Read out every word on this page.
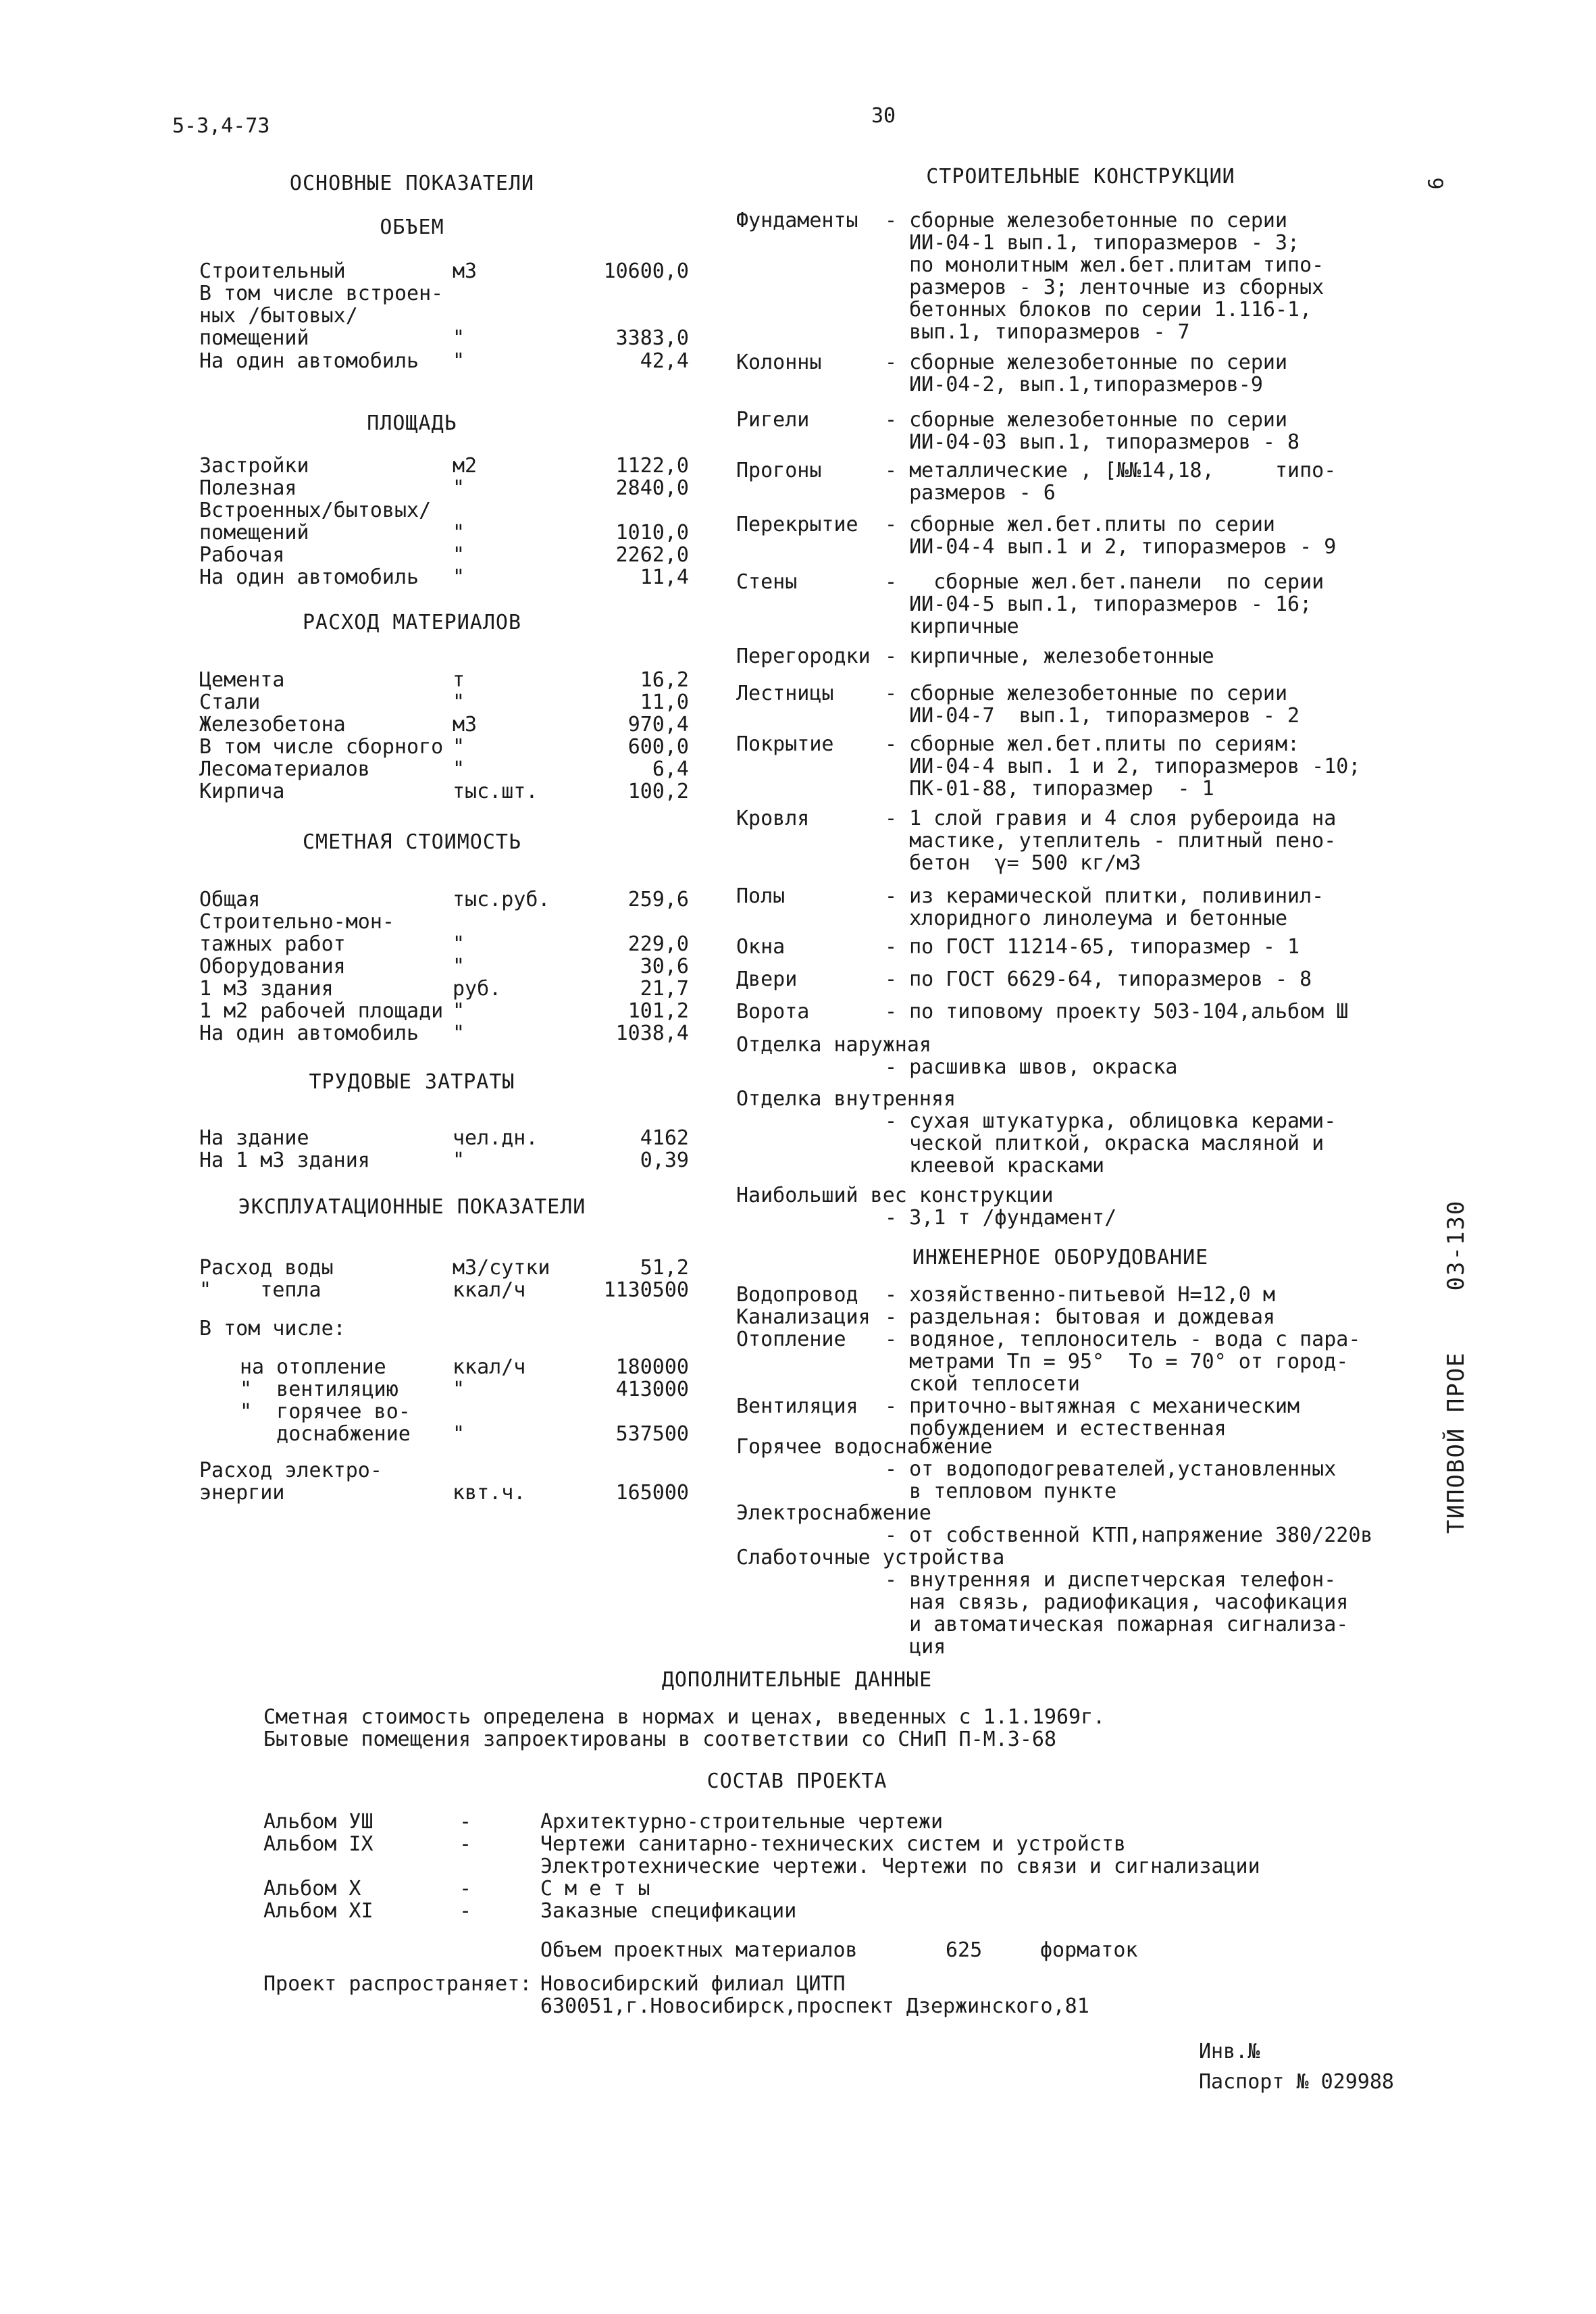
5-3,4-73	30
9
ОСНОВНЫЕ ПОКАЗАТЕЛИ
ОБЪЕМ
Строительный	м3	10600,0
В том числе встроен-
ных /бытовых/
помещений	"	3383,0
На один автомобиль "	42,4
ПЛОЩАДЬ
Застройки	м2	1122,0
Полезная	"	2840,0
Встроенных/бытовых/
помещений	"	1010,0
Рабочая	"	2262,0
На один автомобиль "	11,4
РАСХОД МАТЕРИАЛОВ
Цемента	т	16,2
Стали	"	11,0
Железобетона	м3	970,4
В том числе сборного "	600,0
Лесоматериалов	"	6,4
Кирпича	тыс.шт.	100,2
СМЕТНАЯ СТОИМОСТЬ
Общая	тыс.руб.	259,6
Строительно-мон-
тажных работ	"	229,0
Оборудования	"	30,6
1 м3 здания	руб.	21,7
1 м2 рабочей площади "	101,2
На один автомобиль "	1038,4
ТРУДОВЫЕ ЗАТРАТЫ
На здание	чел.дн.	4162
На 1 м3 здания	"	0,39
ЭКСПЛУАТАЦИОННЫЕ ПОКАЗАТЕЛИ
Расход воды	м3/сутки	51,2
"    тепла	ккал/ч	1130500
В том числе:
на отопление	ккал/ч	180000
"  вентиляцию	"	413000
"  горячее во-
доснабжение "	537500
Расход электро-
энергии	квт.ч.	165000
СТРОИТЕЛЬНЫЕ КОНСТРУКЦИИ
Фундаменты - сборные железобетонные по серии
ИИ-04-1 вып.1, типоразмеров - 3;
по монолитным жел.бет.плитам типо-
размеров - 3; ленточные из сборных
бетонных блоков по серии 1.116-1,
вып.1, типоразмеров - 7
Колонны	- сборные железобетонные по серии
ИИ-04-2, вып.1,типоразмеров-9
Ригели	- сборные железобетонные по серии
ИИ-04-03 вып.1, типоразмеров - 8
Прогоны	- металлические , [№№14,18,     типо-
размеров - 6
Перекрытие - сборные жел.бет.плиты по серии
ИИ-04-4 вып.1 и 2, типоразмеров - 9
Стены	-   сборные жел.бет.панели  по серии
ИИ-04-5 вып.1, типоразмеров - 16;
кирпичные
Перегородки - кирпичные, железобетонные
Лестницы	- сборные железобетонные по серии
ИИ-04-7  вып.1, типоразмеров - 2
Покрытие	- сборные жел.бет.плиты по сериям:
ИИ-04-4 вып. 1 и 2, типоразмеров -10;
ПК-01-88, типоразмер  - 1
Кровля	- 1 слой гравия и 4 слоя рубероида на
мастике, утеплитель - плитный пено-
бетон  γ= 500 кг/м3
Полы	- из керамической плитки, поливинил-
хлоридного линолеума и бетонные
Окна	- по ГОСТ 11214-65, типоразмер - 1
Двери	- по ГОСТ 6629-64, типоразмеров - 8
Ворота	- по типовому проекту 503-104,альбом Ш
Отделка наружная
- расшивка швов, окраска
Отделка внутренняя
- сухая штукатурка, облицовка керами-
ческой плиткой, окраска масляной и
клеевой красками
Наибольший вес конструкции
- 3,1 т /фундамент/
ИНЖЕНЕРНОЕ ОБОРУДОВАНИЕ
Водопровод - хозяйственно-питьевой Н=12,0 м
Канализация - раздельная: бытовая и дождевая
Отопление - водяное, теплоноситель - вода с пара-
метрами Тп = 95°  То = 70° от город-
ской теплосети
Вентиляция - приточно-вытяжная с механическим
побуждением и естественная
Горячее водоснабжение
- от водоподогревателей,установленных
в тепловом пункте
Электроснабжение
- от собственной КТП,напряжение 380/220в
Слаботочные устройства
- внутренняя и диспетчерская телефон-
ная связь, радиофикация, часофикация
и автоматическая пожарная сигнализа-
ция
ТИПОВОЙ ПРОЕ    03-130
ДОПОЛНИТЕЛЬНЫЕ ДАННЫЕ
Сметная стоимость определена в нормах и ценах, введенных с 1.1.1969г.
Бытовые помещения запроектированы в соответствии со СНиП П-М.3-68
СОСТАВ ПРОЕКТА
Альбом УШ	-	Архитектурно-строительные чертежи
Альбом IX	-	Чертежи санитарно-технических систем и устройств
Электротехнические чертежи. Чертежи по связи и сигнализации
Альбом X	-	С м е т ы
Альбом XI	-	Заказные спецификации
Объем проектных материалов	625	форматок
Проект распространяет: Новосибирский филиал ЦИТП
630051,г.Новосибирск,проспект Дзержинского,81
Инв.№
Паспорт № 029988
